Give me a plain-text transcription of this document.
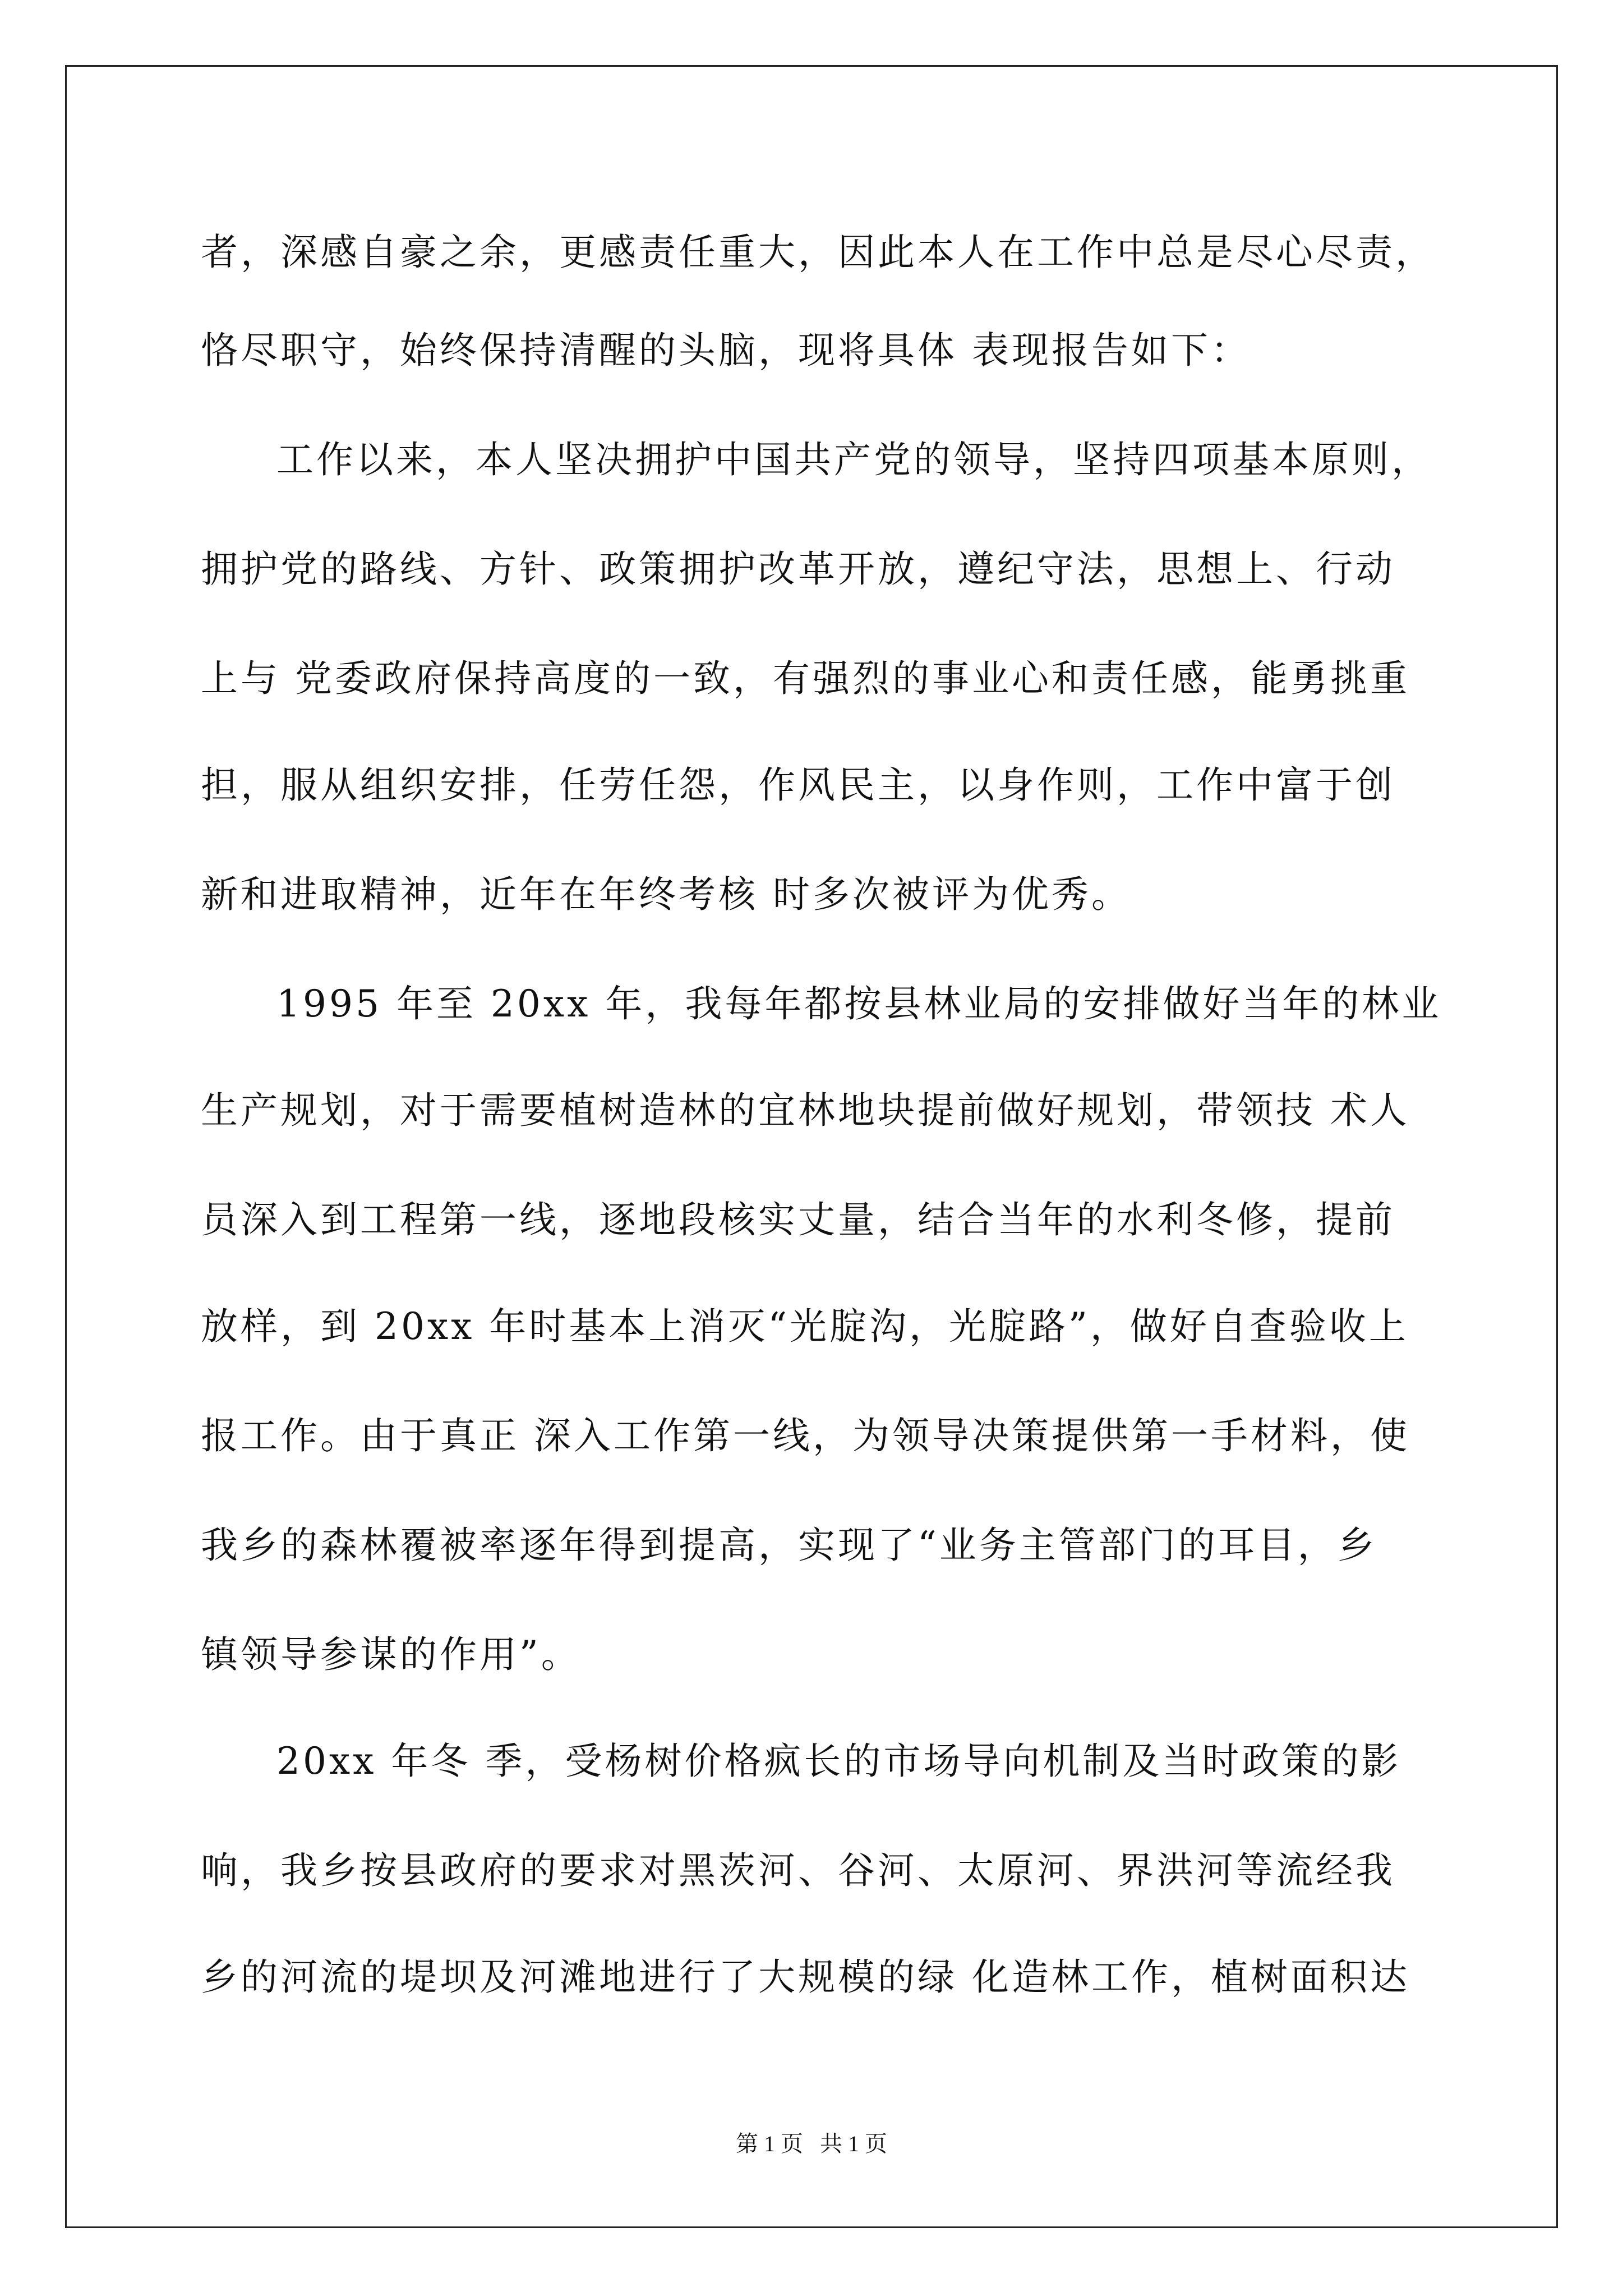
者，深感自豪之余，更感责任重大，因此本人在工作中总是尽心尽责，
恪尽职守，始终保持清醒的头脑，现将具体 表现报告如下：
工作以来，本人坚决拥护中国共产党的领导，坚持四项基本原则，
拥护党的路线、方针、政策拥护改革开放，遵纪守法，思想上、行动
上与 党委政府保持高度的一致，有强烈的事业心和责任感，能勇挑重
担，服从组织安排，任劳任怨，作风民主，以身作则，工作中富于创
新和进取精神，近年在年终考核 时多次被评为优秀。
1995 年至 20xx 年，我每年都按县林业局的安排做好当年的林业
生产规划，对于需要植树造林的宜林地块提前做好规划，带领技 术人
员深入到工程第一线，逐地段核实丈量，结合当年的水利冬修，提前
放样，到 20xx 年时基本上消灭“光腚沟，光腚路”，做好自查验收上
报工作。由于真正 深入工作第一线，为领导决策提供第一手材料，使
我乡的森林覆被率逐年得到提高，实现了“业务主管部门的耳目，乡
镇领导参谋的作用”。
20xx 年冬 季，受杨树价格疯长的市场导向机制及当时政策的影
响，我乡按县政府的要求对黑茨河、谷河、太原河、界洪河等流经我
乡的河流的堤坝及河滩地进行了大规模的绿 化造林工作，植树面积达
第 1 页   共 1 页
